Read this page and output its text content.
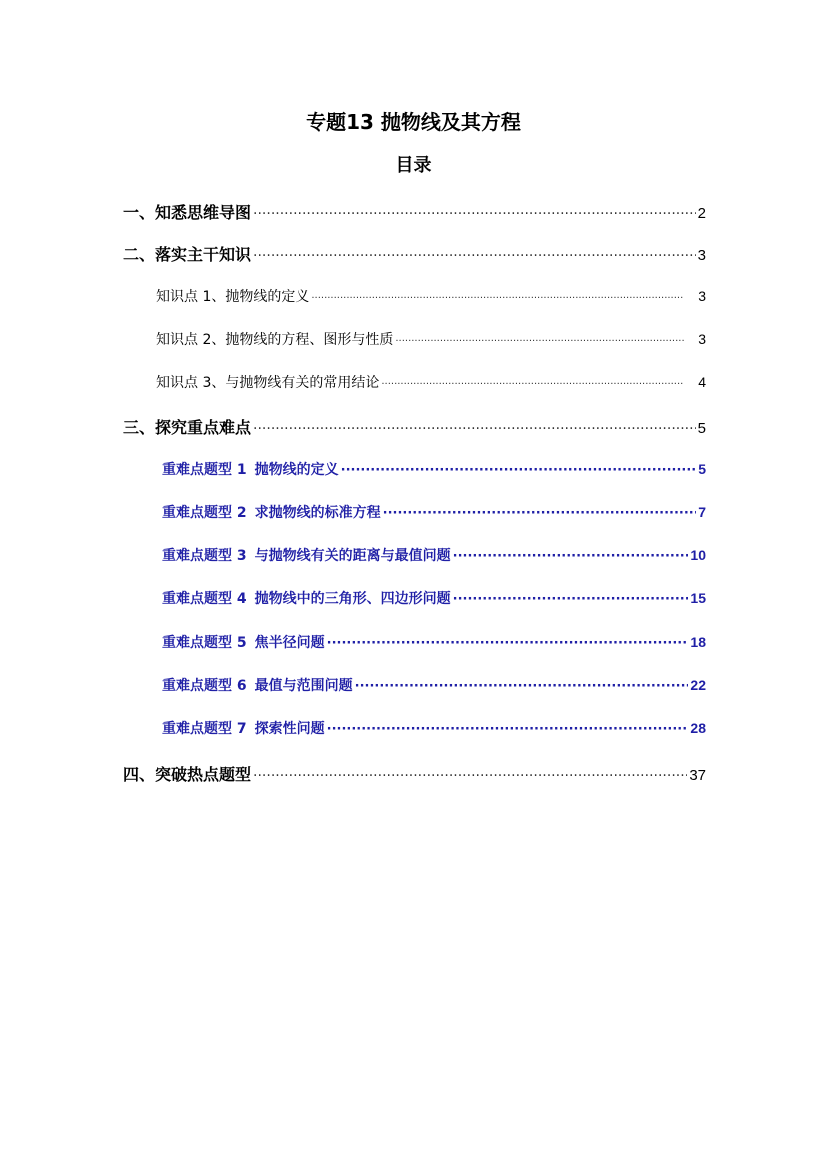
专题13 抛物线及其方程
目录
一、知悉思维导图 ·····	2
二、落实主干知识 ·····	3
知识点 1、抛物线的定义 ·····	3
知识点 2、抛物线的方程、图形与性质 ·····	3
知识点 3、与抛物线有关的常用结论 ·····	4
三、探究重点难点 ·····	5
重难点题型 1 抛物线的定义 ·····	5
重难点题型 2 求抛物线的标准方程 ·····	7
重难点题型 3 与抛物线有关的距离与最值问题 ·····	10
重难点题型 4 抛物线中的三角形、四边形问题 ·····	15
重难点题型 5 焦半径问题 ·····	18
重难点题型 6 最值与范围问题 ·····	22
重难点题型 7 探索性问题 ·····	28
四、突破热点题型 ·····	37
